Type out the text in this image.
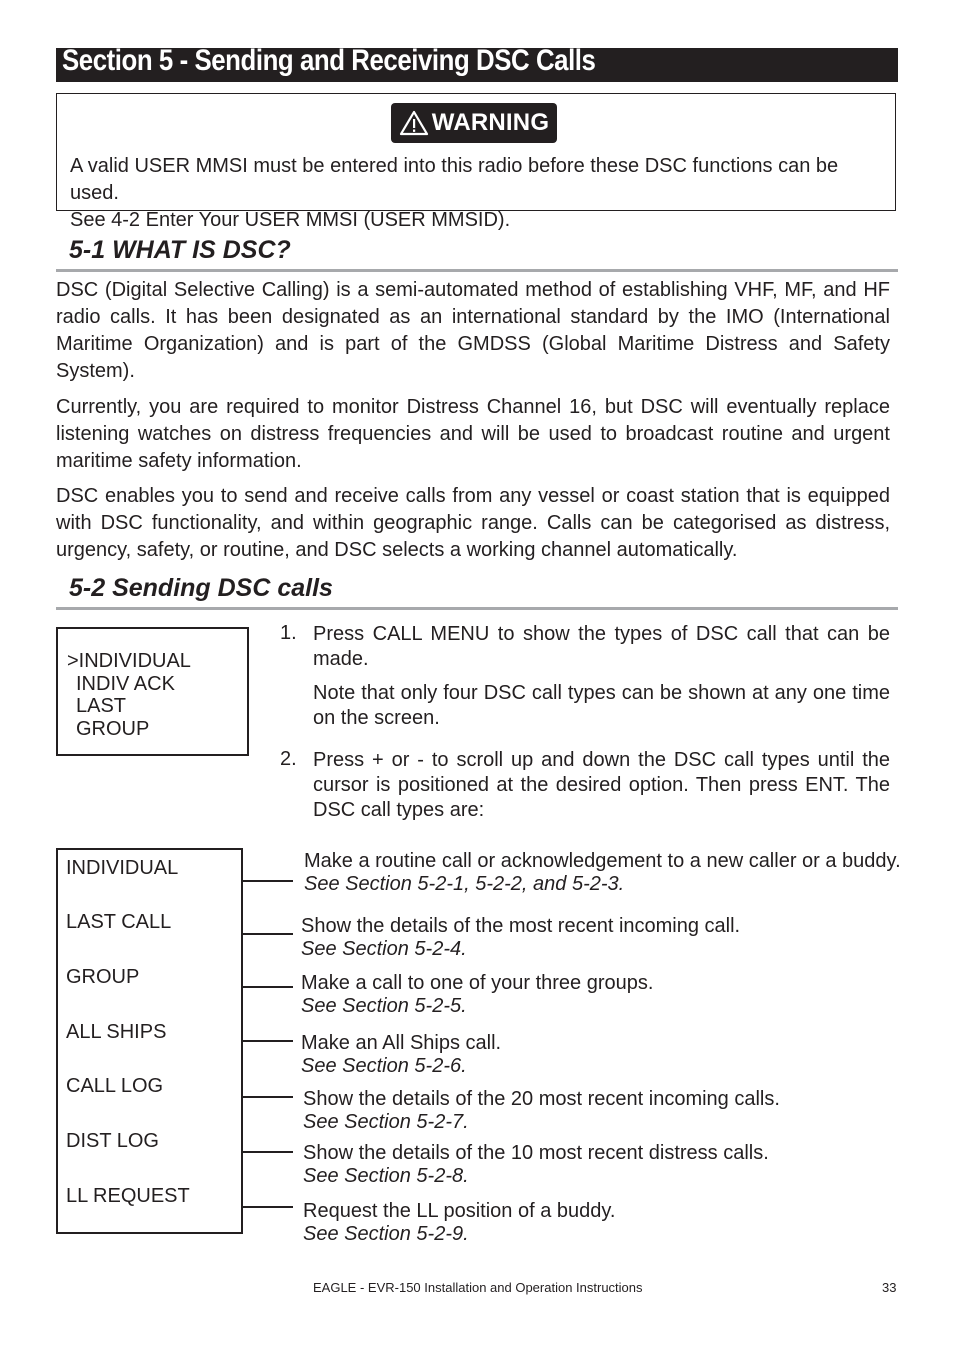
Section 5 - Sending and Receiving DSC Calls
WARNING
A valid USER MMSI must be entered into this radio before these DSC functions can be used.
See 4-2 Enter Your USER MMSI (USER MMSID).
5-1 WHAT IS DSC?
DSC (Digital Selective Calling) is a semi-automated method of establishing VHF, MF, and HF radio calls. It has been designated as an international standard by the IMO (International Maritime Organization) and is part of the GMDSS (Global Maritime Distress and Safety System).
Currently, you are required to monitor Distress Channel 16, but DSC will eventually replace listening watches on distress frequencies and will be used to broadcast routine and urgent maritime safety information.
DSC enables you to send and receive calls from any vessel or coast station that is equipped with DSC functionality, and within geographic range. Calls can be categorised as distress, urgency, safety, or routine, and DSC selects a working channel automatically.
5-2 Sending DSC calls
>INDIVIDUAL
INDIV ACK
LAST
GROUP
1. Press CALL MENU to show the types of DSC call that can be made.
Note that only four DSC call types can be shown at any one time on the screen.
2. Press + or - to scroll up and down the DSC call types until the cursor is positioned at the desired option. Then press ENT. The DSC call types are:
INDIVIDUAL
LAST CALL
GROUP
ALL SHIPS
CALL LOG
DIST LOG
LL REQUEST
Make a routine call or acknowledgement to a new caller or a buddy.
See Section 5-2-1, 5-2-2, and 5-2-3.
Show the details of the most recent incoming call.
See Section 5-2-4.
Make a call to one of your three groups.
See Section 5-2-5.
Make an All Ships call.
See Section 5-2-6.
Show the details of the 20 most recent incoming calls.
See Section 5-2-7.
Show the details of the 10 most recent distress calls.
See Section 5-2-8.
Request the LL position of a buddy.
See Section 5-2-9.
EAGLE - EVR-150 Installation and Operation Instructions	33
